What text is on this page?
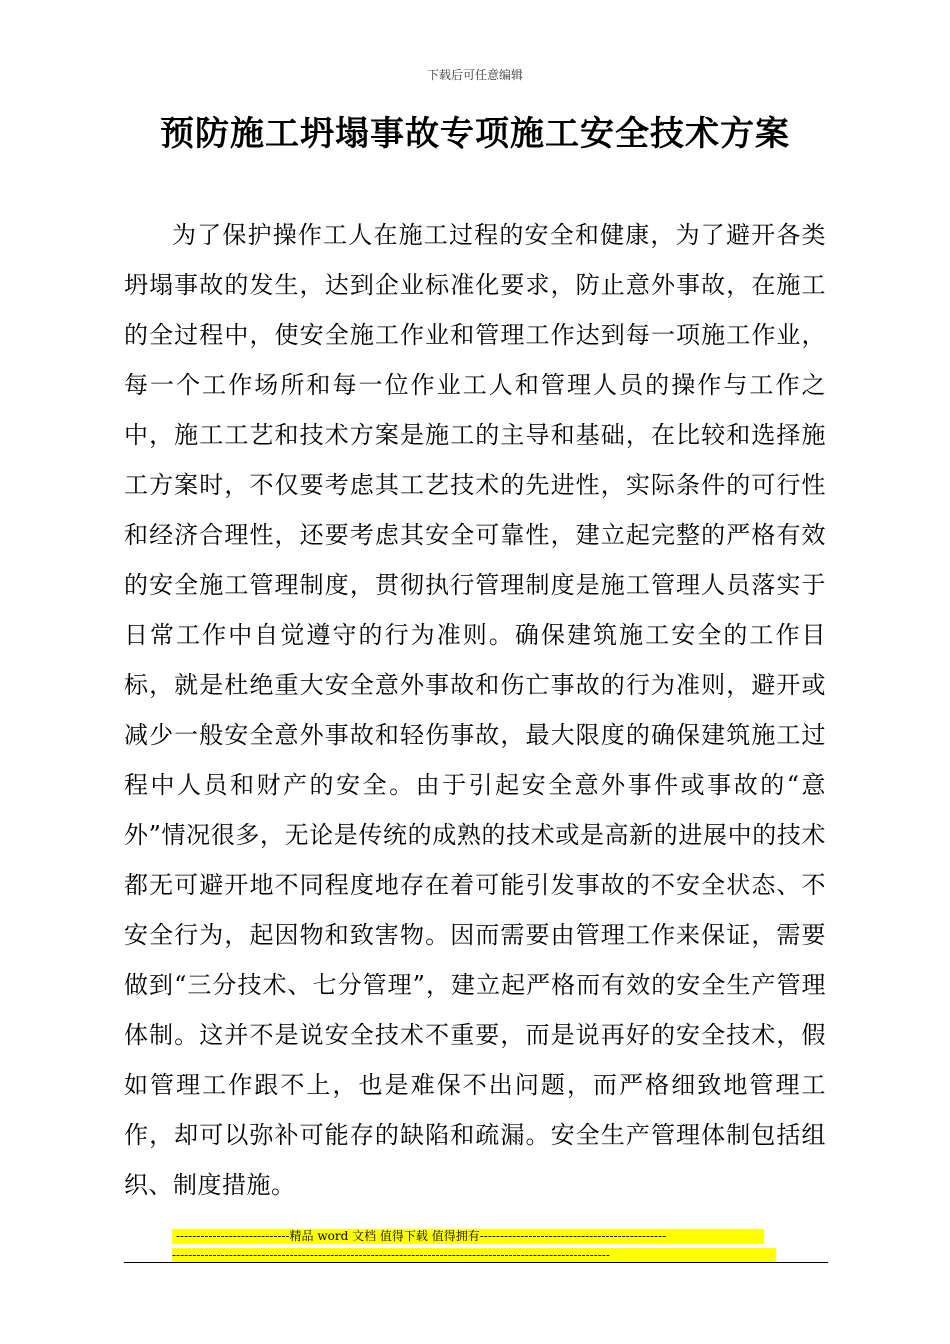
下载后可任意编辑
预防施工坍塌事故专项施工安全技术方案

为了保护操作工人在施工过程的安全和健康，为了避开各类坍塌事故的发生，达到企业标准化要求，防止意外事故，在施工的全过程中，使安全施工作业和管理工作达到每一项施工作业，每一个工作场所和每一位作业工人和管理人员的操作与工作之中，施工工艺和技术方案是施工的主导和基础，在比较和选择施工方案时，不仅要考虑其工艺技术的先进性，实际条件的可行性和经济合理性，还要考虑其安全可靠性，建立起完整的严格有效的安全施工管理制度，贯彻执行管理制度是施工管理人员落实于日常工作中自觉遵守的行为准则。确保建筑施工安全的工作目标，就是杜绝重大安全意外事故和伤亡事故的行为准则，避开或减少一般安全意外事故和轻伤事故，最大限度的确保建筑施工过程中人员和财产的安全。由于引起安全意外事件或事故的“意外”情况很多，无论是传统的成熟的技术或是高新的进展中的技术都无可避开地不同程度地存在着可能引发事故的不安全状态、不安全行为，起因物和致害物。因而需要由管理工作来保证，需要做到“三分技术、七分管理”，建立起严格而有效的安全生产管理体制。这并不是说安全技术不重要，而是说再好的安全技术，假如管理工作跟不上，也是难保不出问题，而严格细致地管理工作，却可以弥补可能存的缺陷和疏漏。安全生产管理体制包括组织、制度措施。

----------------------------精品 word 文档 值得下载 值得拥有----------------------------------------------
------------------------------------------------------------------------------------------------------------
